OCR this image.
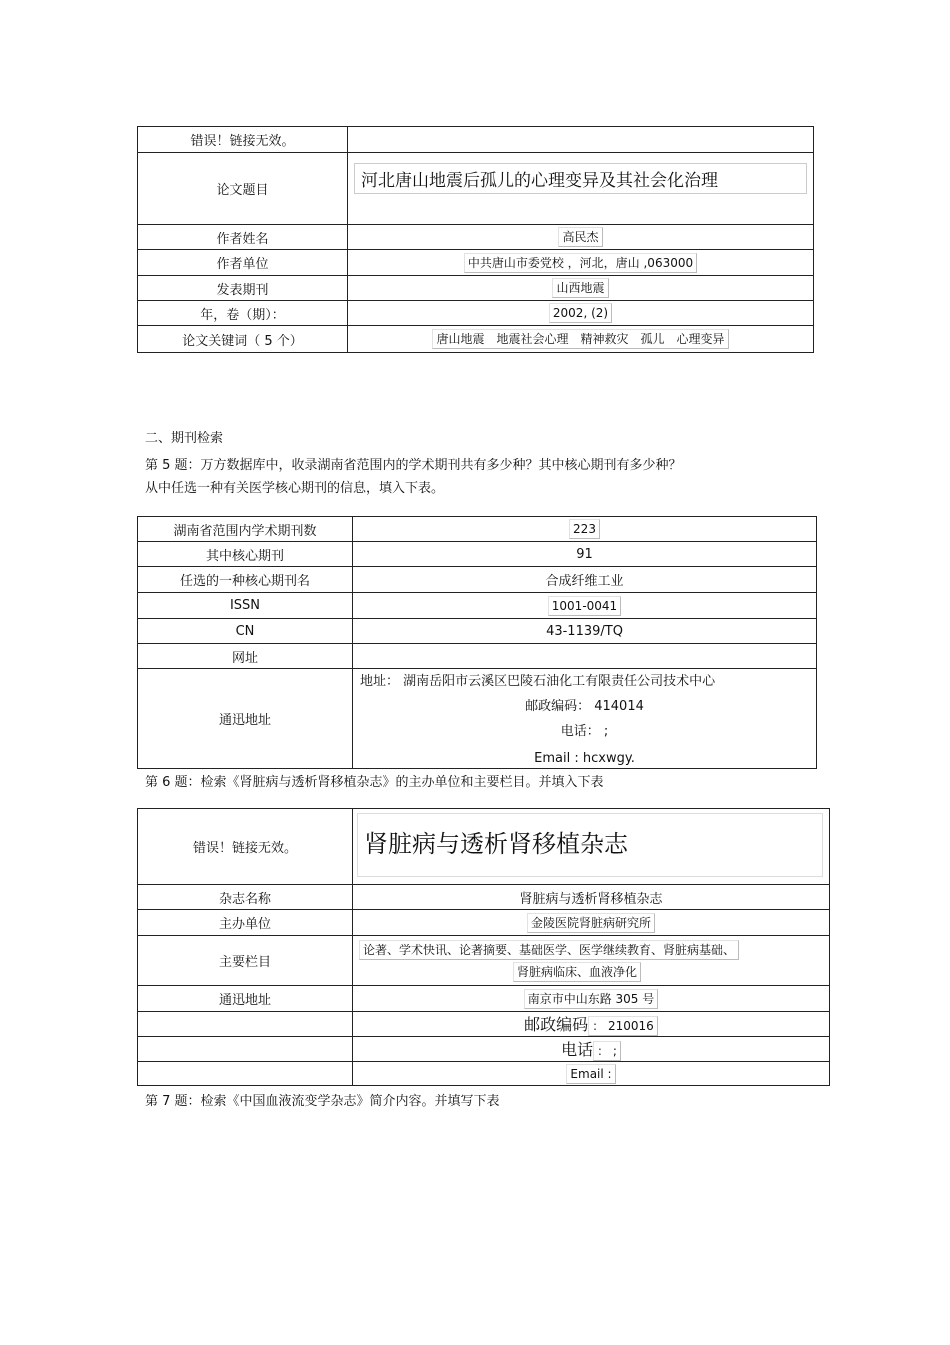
错误！链接无效。	
论文题目	河北唐山地震后孤儿的心理变异及其社会化治理

作者姓名	高民杰
作者单位	中共唐山市委党校 ，河北，唐山 ,063000
发表期刊	山西地震
年，卷（期）：	2002, (2)
论文关键词（ 5 个）	唐山地震　地震社会心理　精神救灾　孤儿　心理变异
二、期刊检索
第 5 题：万方数据库中，收录湖南省范围内的学术期刊共有多少种？其中核心期刊有多少种？
从中任选一种有关医学核心期刊的信息，填入下表。
湖南省范围内学术期刊数	223
其中核心期刊	91
任选的一种核心期刊名	合成纤维工业
ISSN	1001-0041
CN	43-1139/TQ
网址	
通迅地址	地址： 湖南岳阳市云溪区巴陵石油化工有限责任公司技术中心
邮政编码： 414014
电话： ;
Email : hcxwgy.
第 6 题：检索《肾脏病与透析肾移植杂志》的主办单位和主要栏目。并填入下表
错误！链接无效。	肾脏病与透析肾移植杂志

杂志名称	肾脏病与透析肾移植杂志
主办单位	金陵医院肾脏病研究所
主要栏目	论著、学术快讯、论著摘要、基础医学、医学继续教育、肾脏病基础、
肾脏病临床、血液净化

通迅地址	南京市中山东路 305 号
	邮政编码 ： 210016
	电话 ： ;
	Email :
第 7 题：检索《中国血液流变学杂志》简介内容。并填写下表
